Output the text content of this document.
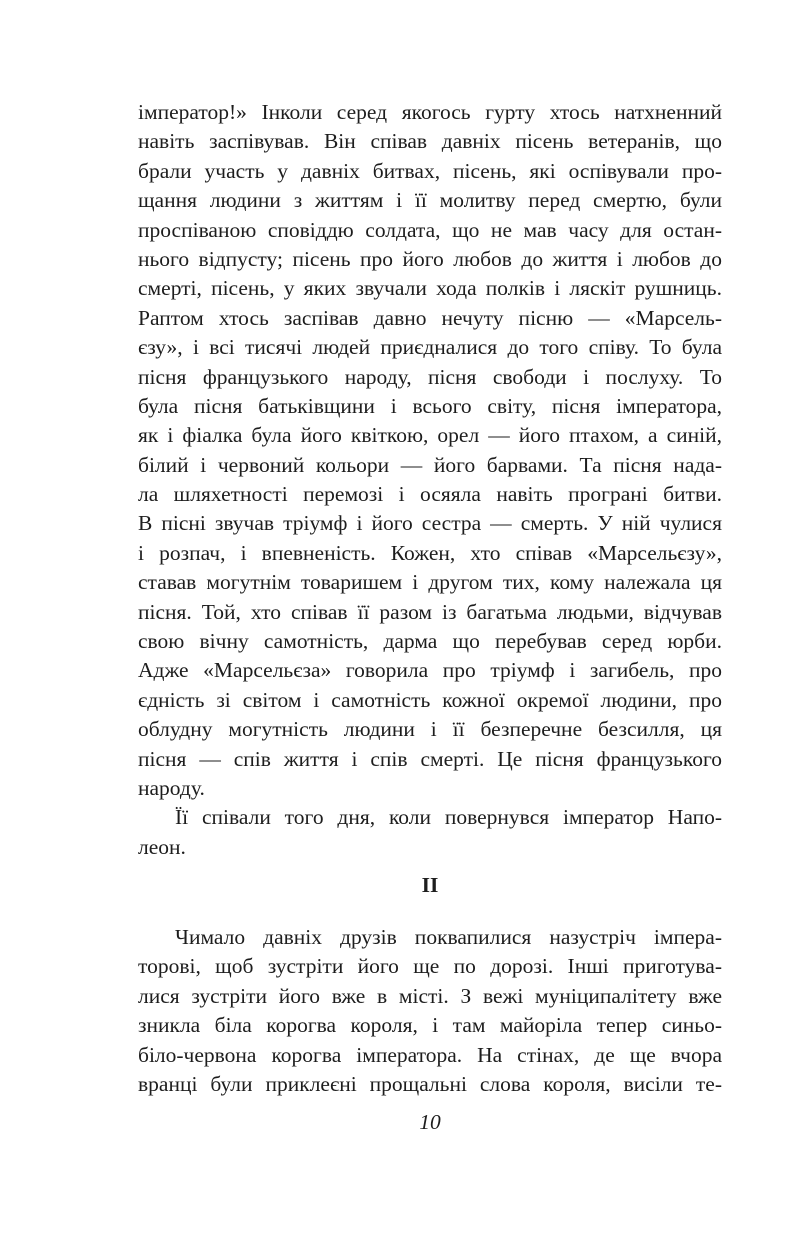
імператор!» Інколи серед якогось гурту хтось натхненний
навіть заспівував. Він співав давніх пісень ветеранів, що
брали участь у давніх битвах, пісень, які оспівували про-
щання людини з життям і її молитву перед смертю, були
проспіваною сповіддю солдата, що не мав часу для остан-
нього відпусту; пісень про його любов до життя і любов до
смерті, пісень, у яких звучали хода полків і ляскіт рушниць.
Раптом хтось заспівав давно нечуту пісню — «Марсель-
єзу», і всі тисячі людей приєдналися до того співу. То була
пісня французького народу, пісня свободи і послуху. То
була пісня батьківщини і всього світу, пісня імператора,
як і фіалка була його квіткою, орел — його птахом, а синій,
білий і червоний кольори — його барвами. Та пісня нада-
ла шляхетності перемозі і осяяла навіть програні битви.
В пісні звучав тріумф і його сестра — смерть. У ній чулися
і розпач, і впевненість. Кожен, хто співав «Марсельєзу»,
ставав могутнім товаришем і другом тих, кому належала ця
пісня. Той, хто співав її разом із багатьма людьми, відчував
свою вічну самотність, дарма що перебував серед юрби.
Адже «Марсельєза» говорила про тріумф і загибель, про
єдність зі світом і самотність кожної окремої людини, про
облудну могутність людини і її безперечне безсилля, ця
пісня — спів життя і спів смерті. Це пісня французького
народу.
Її співали того дня, коли повернувся імператор Напо-
леон.
II
Чимало давніх друзів поквапилися назустріч імпера-
торові, щоб зустріти його ще по дорозі. Інші приготува-
лися зустріти його вже в місті. З вежі муніципалітету вже
зникла біла корогва короля, і там майоріла тепер синьо-
біло-червона корогва імператора. На стінах, де ще вчора
вранці були приклеєні прощальні слова короля, висіли те-
10
